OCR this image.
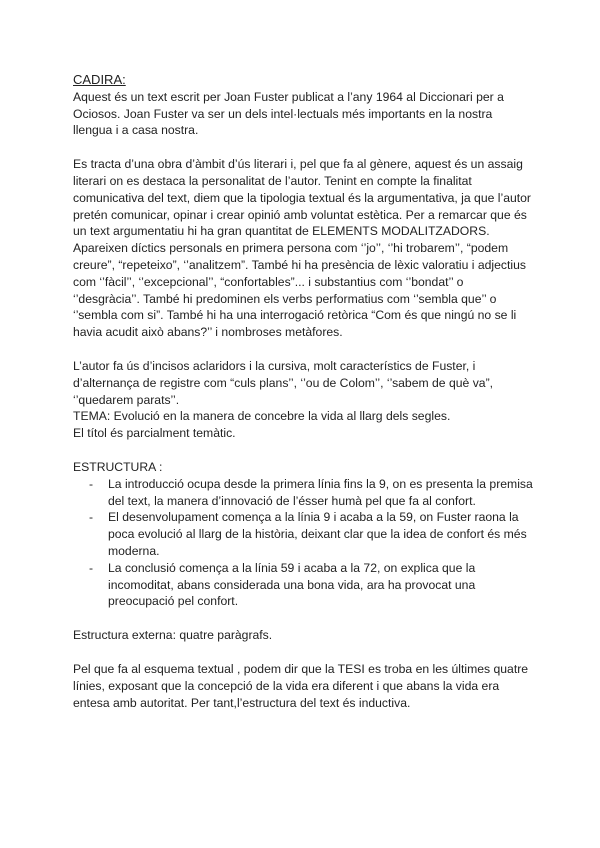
CADIRA:

Aquest és un text escrit per Joan Fuster publicat a l’any 1964 al Diccionari per a Ociosos. Joan Fuster va ser un dels intel·lectuals més importants en la nostra llengua i a casa nostra.

Es tracta d’una obra d’àmbit d’ús literari i, pel que fa al gènere, aquest és un assaig literari on es destaca la personalitat de l’autor. Tenint en compte la finalitat comunicativa del text, diem que la tipologia textual és la argumentativa, ja que l’autor pretén comunicar, opinar i crear opinió amb voluntat estètica. Per a remarcar que és un text argumentatiu hi ha gran quantitat de ELEMENTS MODALITZADORS. Apareixen díctics personals en primera persona com ‘’jo’’, ‘’hi trobarem’’, “podem creure”, “repeteixo”, ‘’analitzem”. També hi ha presència de lèxic valoratiu i adjectius com ‘’fàcil’’, ‘’excepcional’’, “confortables”... i substantius com ‘’bondat’’ o ‘’desgràcia’’. També hi predominen els verbs performatius com ‘’sembla que’’ o ‘’sembla com si”. També hi ha una interrogació retòrica “Com és que ningú no se li havia acudit això abans?’’ i nombroses metàfores.

L’autor fa ús d’incisos aclaridors i la cursiva, molt característics de Fuster, i d’alternança de registre com “culs plans’’, ‘’ou de Colom’’, ‘’sabem de què va”, ‘’quedarem parats’’.

TEMA: Evolució en la manera de concebre la vida al llarg dels segles.

El títol és parcialment temàtic.

ESTRUCTURA :

- La introducció ocupa desde la primera línia fins la 9, on es presenta la premisa del text, la manera d’innovació de l’ésser humà pel que fa al confort.
- El desenvolupament comença a la línia 9 i acaba a la 59, on Fuster raona la poca evolució al llarg de la història, deixant clar que la idea de confort és més moderna.
- La conclusió comença a la línia 59 i acaba a la 72, on explica que la incomoditat, abans considerada una bona vida, ara ha provocat una preocupació pel confort.

Estructura externa: quatre paràgrafs.

Pel que fa al esquema textual , podem dir que la TESI es troba en les últimes quatre línies, exposant que la concepció de la vida era diferent i que abans la vida era entesa amb autoritat. Per tant,l’estructura del text és inductiva.
